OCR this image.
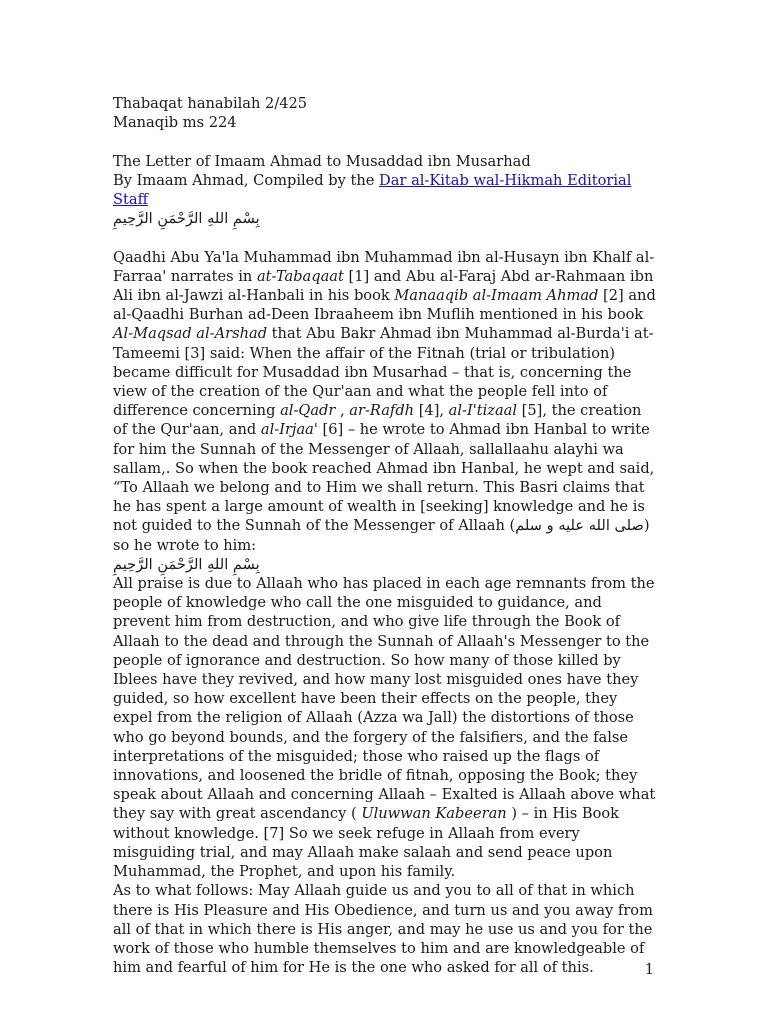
Thabaqat hanabilah 2/425

Manaqib ms 224

The Letter of Imaam Ahmad to Musaddad ibn Musarhad

By Imaam Ahmad, Compiled by the Dar al-Kitab wal-Hikmah Editorial Staff

بِسْمِ اللهِ الرَّحْمَنِ الرَّحِيمِ

Qaadhi Abu Ya'la Muhammad ibn Muhammad ibn al-Husayn ibn Khalf al-Farraa' narrates in at-Tabaqaat [1] and Abu al-Faraj Abd ar-Rahmaan ibn Ali ibn al-Jawzi al-Hanbali in his book Manaaqib al-Imaam Ahmad [2] and al-Qaadhi Burhan ad-Deen Ibraaheem ibn Muflih mentioned in his book Al-Maqsad al-Arshad that Abu Bakr Ahmad ibn Muhammad al-Burda'i at-Tameemi [3] said: When the affair of the Fitnah (trial or tribulation) became difficult for Musaddad ibn Musarhad – that is, concerning the view of the creation of the Qur'aan and what the people fell into of difference concerning al-Qadr , ar-Rafdh [4], al-I'tizaal [5], the creation of the Qur'aan, and al-Irjaa' [6] – he wrote to Ahmad ibn Hanbal to write for him the Sunnah of the Messenger of Allaah, sallallaahu alayhi wa sallam,. So when the book reached Ahmad ibn Hanbal, he wept and said, “To Allaah we belong and to Him we shall return. This Basri claims that he has spent a large amount of wealth in [seeking] knowledge and he is not guided to the Sunnah of the Messenger of Allaah (صلى الله عليه و سلم) so he wrote to him:

بِسْمِ اللهِ الرَّحْمَنِ الرَّحِيمِ

All praise is due to Allaah who has placed in each age remnants from the people of knowledge who call the one misguided to guidance, and prevent him from destruction, and who give life through the Book of Allaah to the dead and through the Sunnah of Allaah's Messenger to the people of ignorance and destruction. So how many of those killed by Iblees have they revived, and how many lost misguided ones have they guided, so how excellent have been their effects on the people, they expel from the religion of Allaah (Azza wa Jall) the distortions of those who go beyond bounds, and the forgery of the falsifiers, and the false interpretations of the misguided; those who raised up the flags of innovations, and loosened the bridle of fitnah, opposing the Book; they speak about Allaah and concerning Allaah – Exalted is Allaah above what they say with great ascendancy ( Uluwwan Kabeeran ) – in His Book without knowledge. [7] So we seek refuge in Allaah from every misguiding trial, and may Allaah make salaah and send peace upon Muhammad, the Prophet, and upon his family.

As to what follows: May Allaah guide us and you to all of that in which there is His Pleasure and His Obedience, and turn us and you away from all of that in which there is His anger, and may he use us and you for the work of those who humble themselves to him and are knowledgeable of him and fearful of him for He is the one who asked for all of this.	1
